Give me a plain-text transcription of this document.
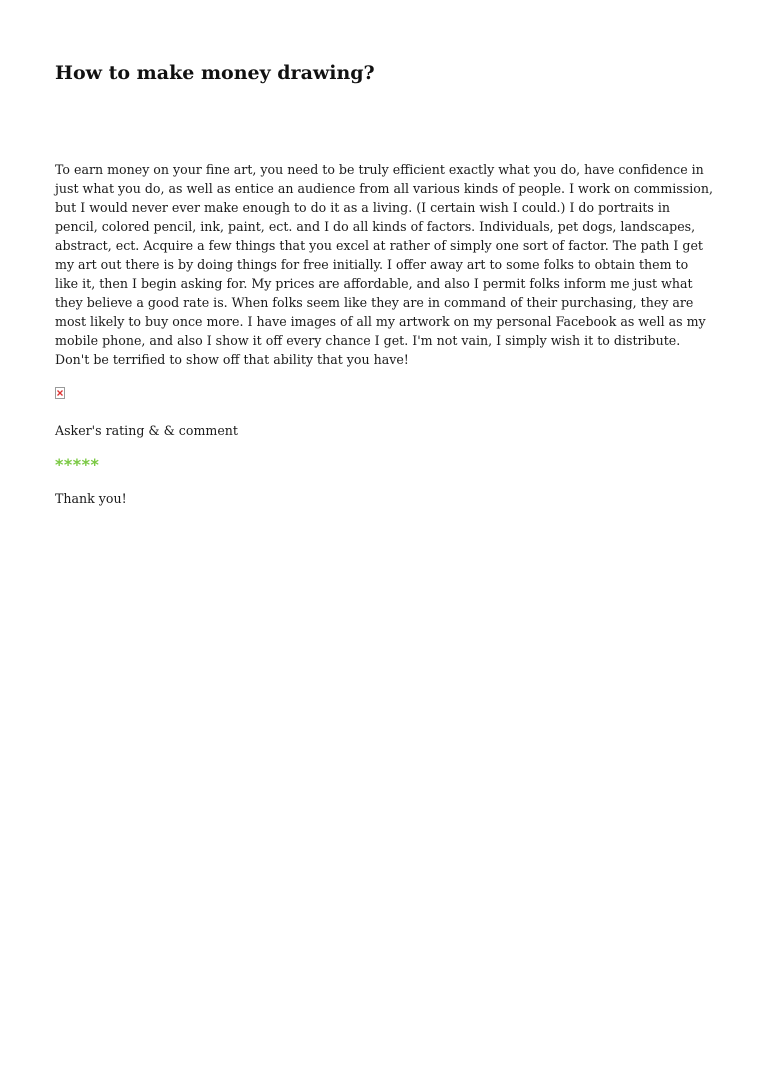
How to make money drawing?

To earn money on your fine art, you need to be truly efficient exactly what you do, have confidence in just what you do, as well as entice an audience from all various kinds of people. I work on commission, but I would never ever make enough to do it as a living. (I certain wish I could.) I do portraits in pencil, colored pencil, ink, paint, ect. and I do all kinds of factors. Individuals, pet dogs, landscapes, abstract, ect. Acquire a few things that you excel at rather of simply one sort of factor. The path I get my art out there is by doing things for free initially. I offer away art to some folks to obtain them to like it, then I begin asking for. My prices are affordable, and also I permit folks inform me just what they believe a good rate is. When folks seem like they are in command of their purchasing, they are most likely to buy once more. I have images of all my artwork on my personal Facebook as well as my mobile phone, and also I show it off every chance I get. I'm not vain, I simply wish it to distribute. Don't be terrified to show off that ability that you have!

Asker's rating & & comment

*****

Thank you!
